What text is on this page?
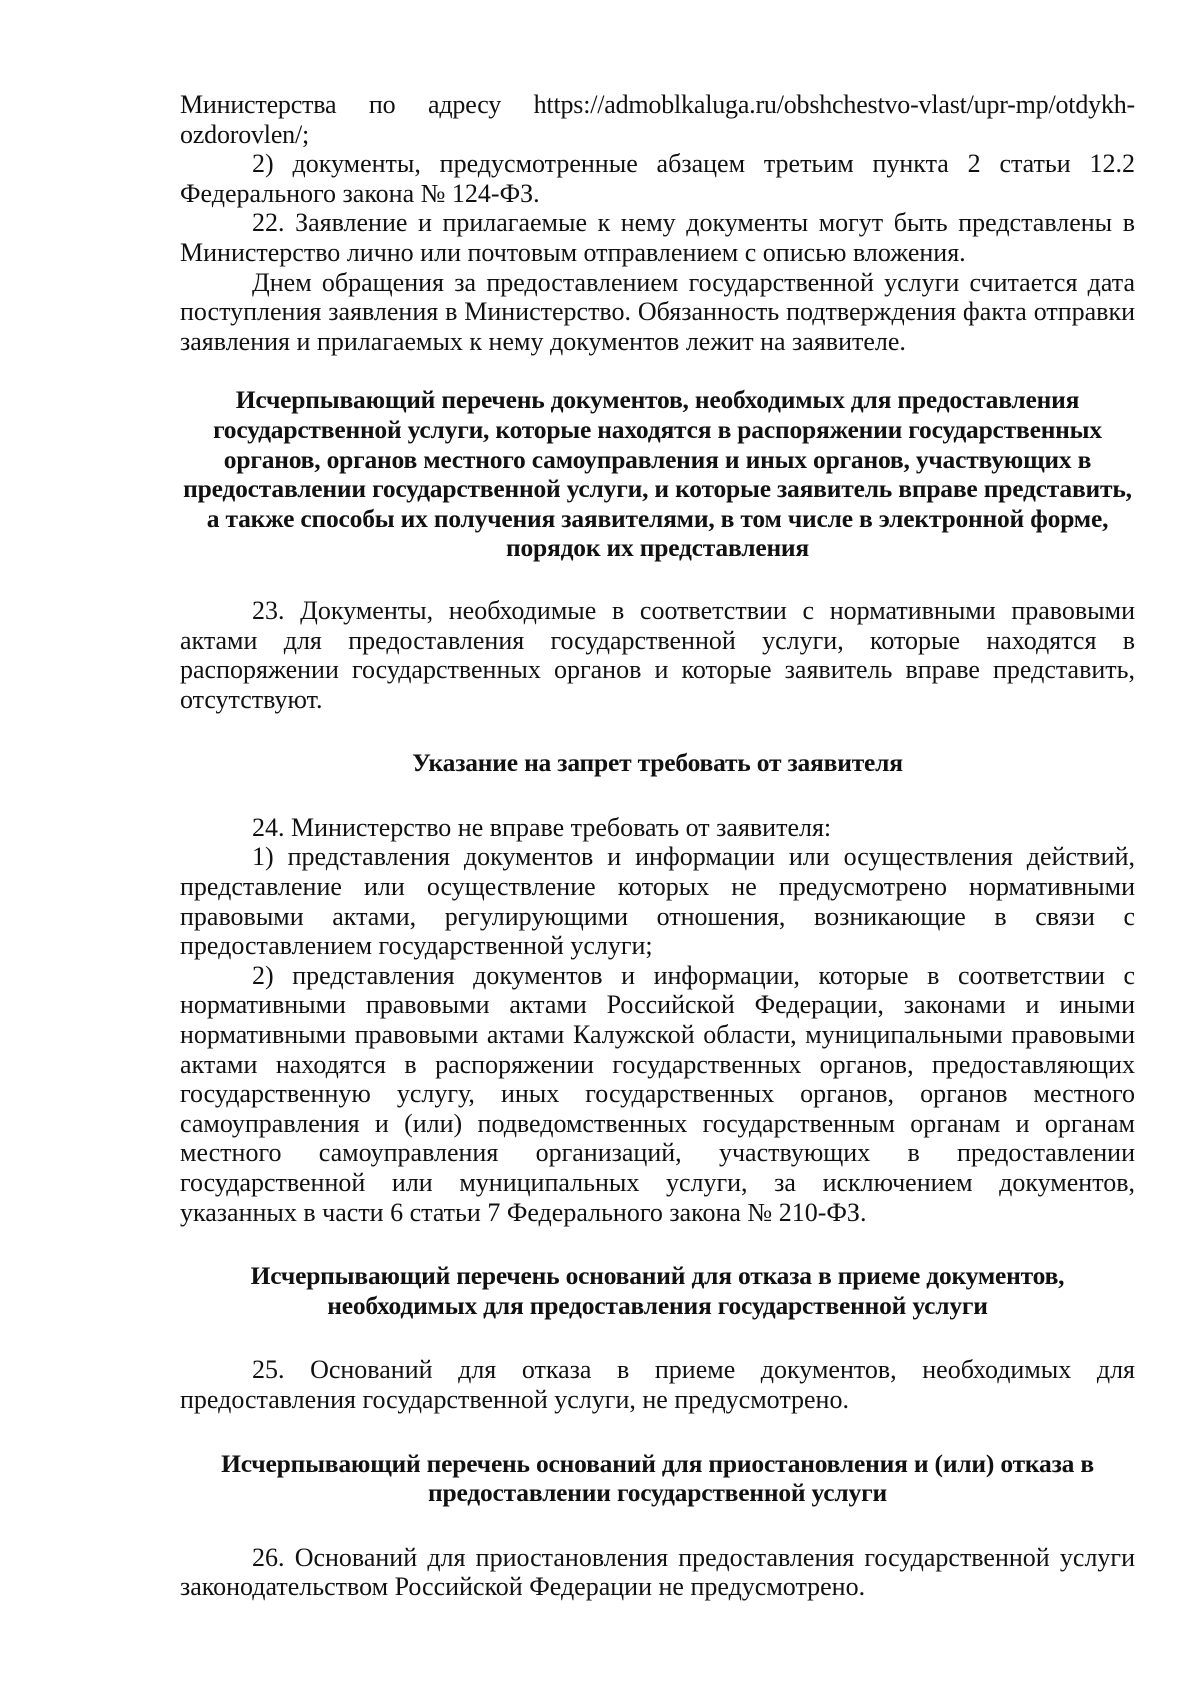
Министерства по адресу https://admoblkaluga.ru/obshchestvo-vlast/upr-mp/otdykh-ozdorovlen/;

2) документы, предусмотренные абзацем третьим пункта 2 статьи 12.2 Федерального закона № 124-ФЗ.

22. Заявление и прилагаемые к нему документы могут быть представлены в Министерство лично или почтовым отправлением с описью вложения.

Днем обращения за предоставлением государственной услуги считается дата поступления заявления в Министерство. Обязанность подтверждения факта отправки заявления и прилагаемых к нему документов лежит на заявителе.

Исчерпывающий перечень документов, необходимых для предоставления государственной услуги, которые находятся в распоряжении государственных органов, органов местного самоуправления и иных органов, участвующих в предоставлении государственной услуги, и которые заявитель вправе представить, а также способы их получения заявителями, в том числе в электронной форме, порядок их представления

23. Документы, необходимые в соответствии с нормативными правовыми актами для предоставления государственной услуги, которые находятся в распоряжении государственных органов и которые заявитель вправе представить, отсутствуют.

Указание на запрет требовать от заявителя

24. Министерство не вправе требовать от заявителя:

1) представления документов и информации или осуществления действий, представление или осуществление которых не предусмотрено нормативными правовыми актами, регулирующими отношения, возникающие в связи с предоставлением государственной услуги;

2) представления документов и информации, которые в соответствии с нормативными правовыми актами Российской Федерации, законами и иными нормативными правовыми актами Калужской области, муниципальными правовыми актами находятся в распоряжении государственных органов, предоставляющих государственную услугу, иных государственных органов, органов местного самоуправления и (или) подведомственных государственным органам и органам местного самоуправления организаций, участвующих в предоставлении государственной или муниципальных услуги, за исключением документов, указанных в части 6 статьи 7 Федерального закона № 210-ФЗ.

Исчерпывающий перечень оснований для отказа в приеме документов, необходимых для предоставления государственной услуги

25. Оснований для отказа в приеме документов, необходимых для предоставления государственной услуги, не предусмотрено.

Исчерпывающий перечень оснований для приостановления и (или) отказа в предоставлении государственной услуги

26. Оснований для приостановления предоставления государственной услуги законодательством Российской Федерации не предусмотрено.
